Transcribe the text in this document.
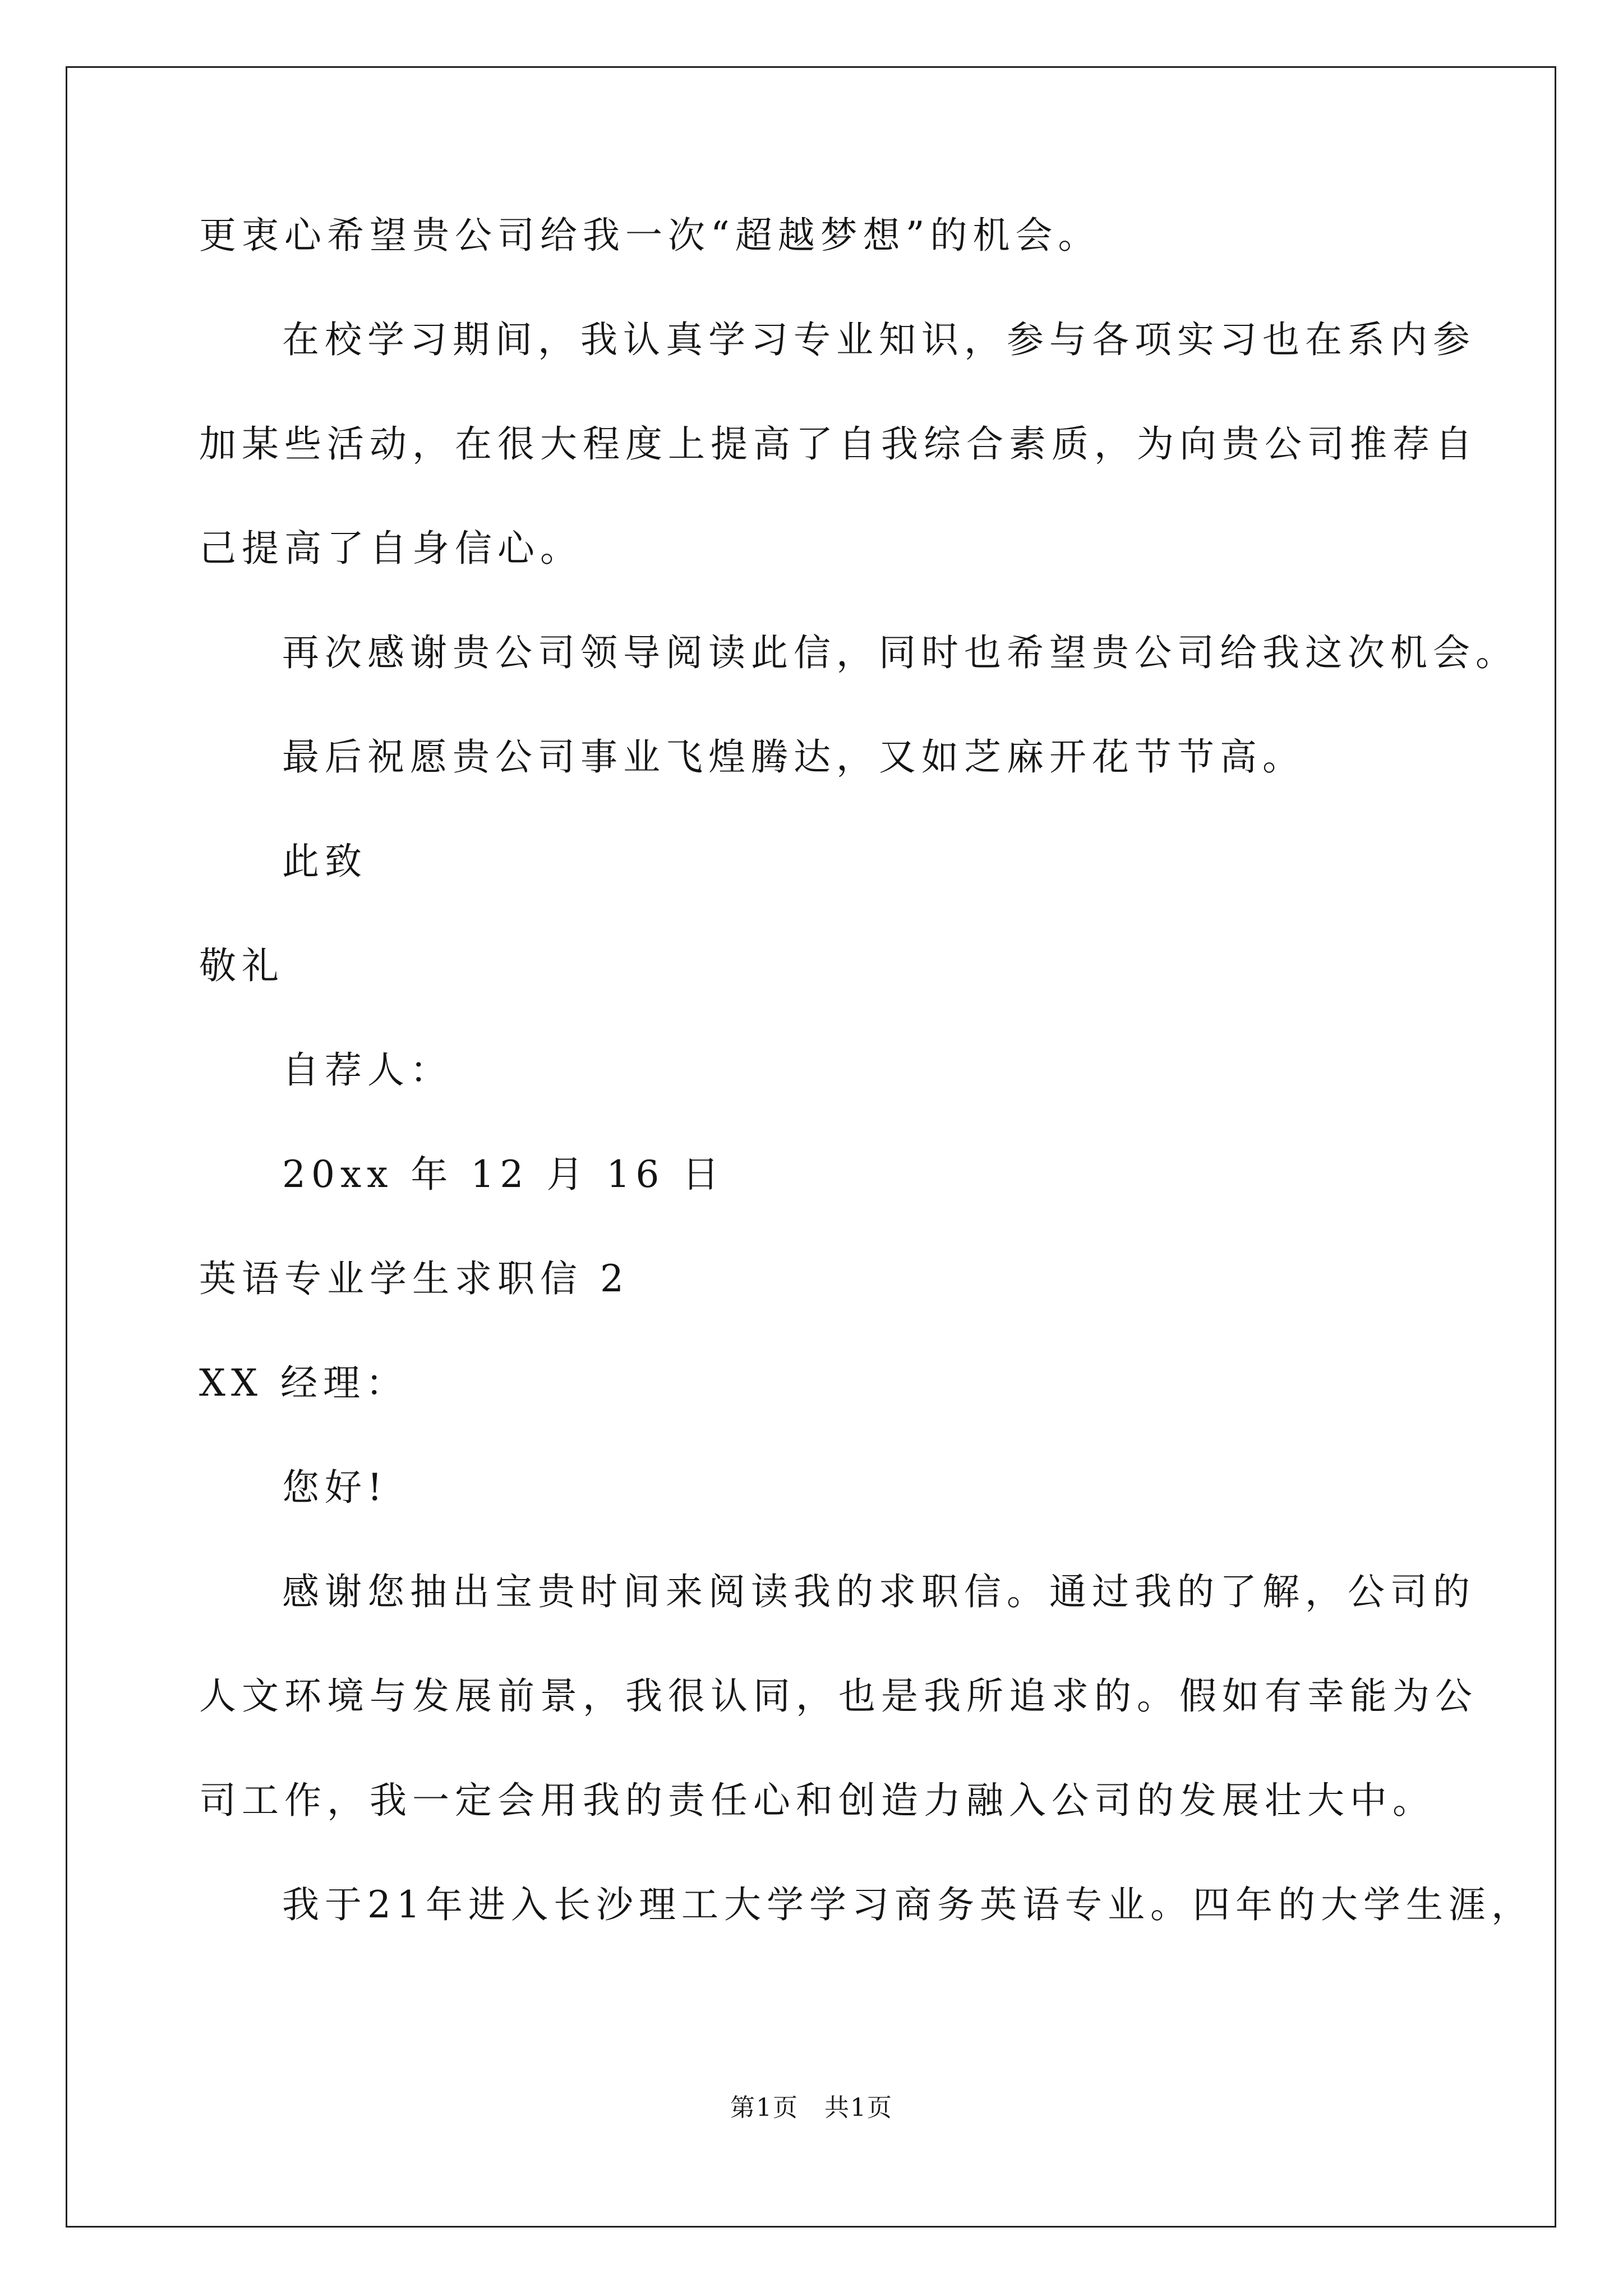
更衷心希望贵公司给我一次“超越梦想”的机会。
在校学习期间，我认真学习专业知识，参与各项实习也在系内参
加某些活动，在很大程度上提高了自我综合素质，为向贵公司推荐自
己提高了自身信心。
再次感谢贵公司领导阅读此信，同时也希望贵公司给我这次机会。
最后祝愿贵公司事业飞煌腾达，又如芝麻开花节节高。
此致
敬礼
自荐人：
20xx 年 12 月 16 日
英语专业学生求职信 2
XX 经理：
您好!
感谢您抽出宝贵时间来阅读我的求职信。通过我的了解，公司的
人文环境与发展前景，我很认同，也是我所追求的。假如有幸能为公
司工作，我一定会用我的责任心和创造力融入公司的发展壮大中。
我于21年进入长沙理工大学学习商务英语专业。四年的大学生涯，
第1页 共1页
